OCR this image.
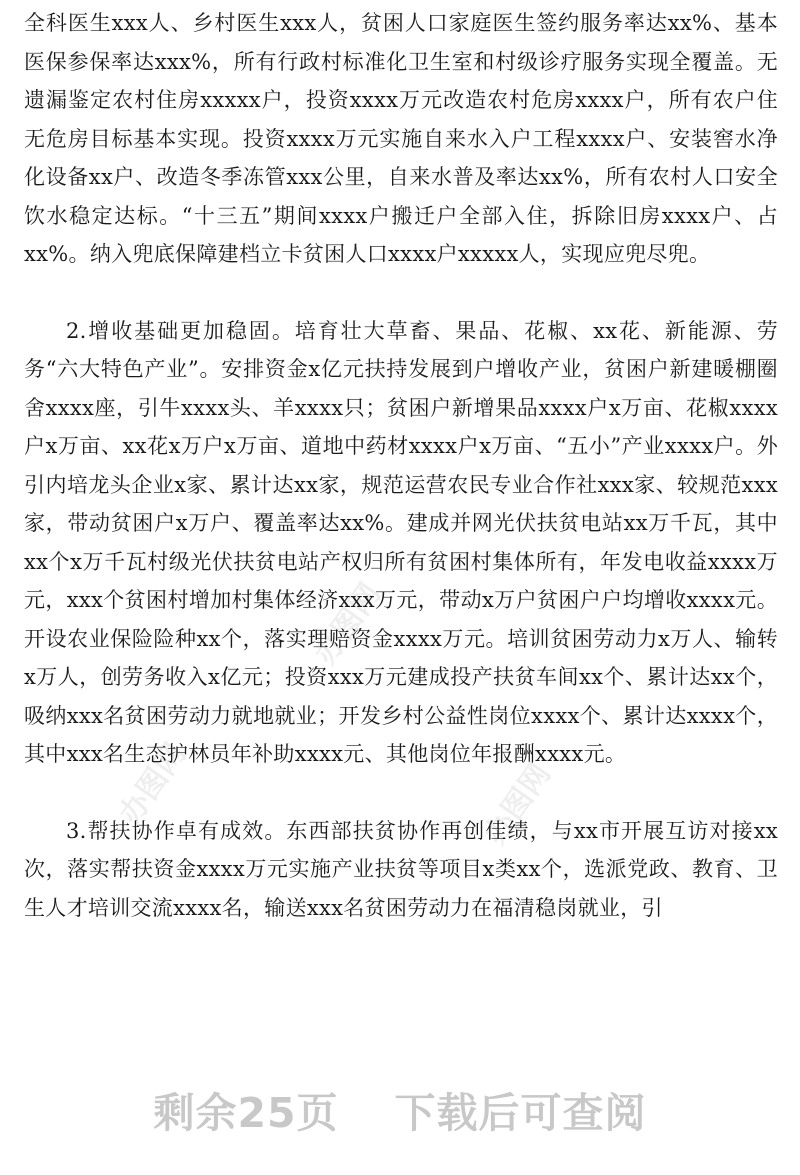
办图网
办图网	办图网

全科医生xxx人、乡村医生xxx人，贫困人口家庭医生签约服务率达xx%、基本医保参保率达xxx%，所有行政村标准化卫生室和村级诊疗服务实现全覆盖。无遗漏鉴定农村住房xxxxx户，投资xxxx万元改造农村危房xxxx户，所有农户住无危房目标基本实现。投资xxxx万元实施自来水入户工程xxxx户、安装窖水净化设备xx户、改造冬季冻管xxx公里，自来水普及率达xx%，所有农村人口安全饮水稳定达标。“十三五”期间xxxx户搬迁户全部入住，拆除旧房xxxx户、占xx%。纳入兜底保障建档立卡贫困人口xxxx户xxxxx人，实现应兜尽兜。

2.增收基础更加稳固。培育壮大草畜、果品、花椒、xx花、新能源、劳务“六大特色产业”。安排资金x亿元扶持发展到户增收产业，贫困户新建暖棚圈舍xxxx座，引牛xxxx头、羊xxxx只；贫困户新增果品xxxx户x万亩、花椒xxxx户x万亩、xx花x万户x万亩、道地中药材xxxx户x万亩、“五小”产业xxxx户。外引内培龙头企业x家、累计达xx家，规范运营农民专业合作社xxx家、较规范xxx家，带动贫困户x万户、覆盖率达xx%。建成并网光伏扶贫电站xx万千瓦，其中xx个x万千瓦村级光伏扶贫电站产权归所有贫困村集体所有，年发电收益xxxx万元，xxx个贫困村增加村集体经济xxx万元，带动x万户贫困户户均增收xxxx元。开设农业保险险种xx个，落实理赔资金xxxx万元。培训贫困劳动力x万人、输转x万人，创劳务收入x亿元；投资xxx万元建成投产扶贫车间xx个、累计达xx个，吸纳xxx名贫困劳动力就地就业；开发乡村公益性岗位xxxx个、累计达xxxx个，其中xxx名生态护林员年补助xxxx元、其他岗位年报酬xxxx元。

3.帮扶协作卓有成效。东西部扶贫协作再创佳绩，与xx市开展互访对接xx次，落实帮扶资金xxxx万元实施产业扶贫等项目x类xx个，选派党政、教育、卫生人才培训交流xxxx名，输送xxx名贫困劳动力在福清稳岗就业，引

剩余25页 下载后可查阅
